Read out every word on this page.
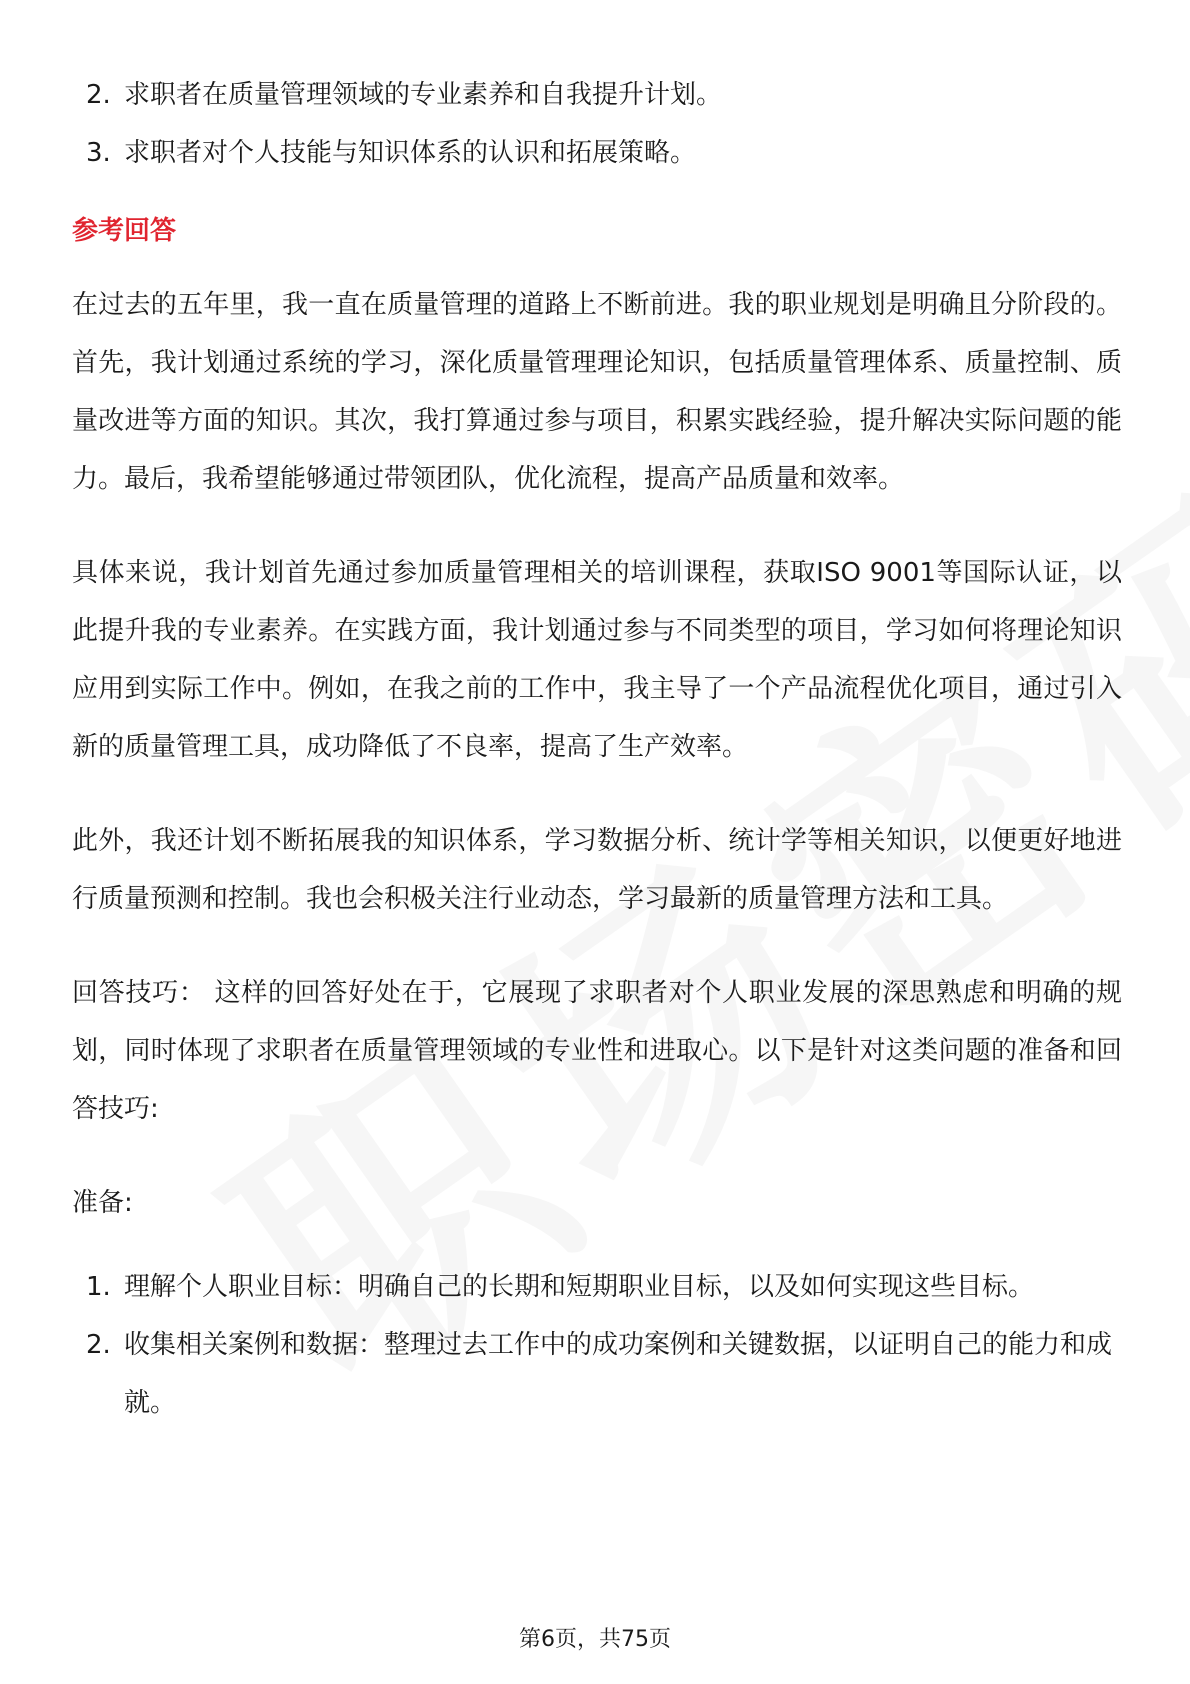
2. 求职者在质量管理领域的专业素养和自我提升计划。
3. 求职者对个人技能与知识体系的认识和拓展策略。
参考回答

在过去的五年里，我一直在质量管理的道路上不断前进。我的职业规划是明确且分阶段的。首先，我计划通过系统的学习，深化质量管理理论知识，包括质量管理体系、质量控制、质量改进等方面的知识。其次，我打算通过参与项目，积累实践经验，提升解决实际问题的能力。最后，我希望能够通过带领团队，优化流程，提高产品质量和效率。

具体来说，我计划首先通过参加质量管理相关的培训课程，获取ISO 9001等国际认证，以此提升我的专业素养。在实践方面，我计划通过参与不同类型的项目，学习如何将理论知识应用到实际工作中。例如，在我之前的工作中，我主导了一个产品流程优化项目，通过引入新的质量管理工具，成功降低了不良率，提高了生产效率。

此外，我还计划不断拓展我的知识体系，学习数据分析、统计学等相关知识，以便更好地进行质量预测和控制。我也会积极关注行业动态，学习最新的质量管理方法和工具。

回答技巧： 这样的回答好处在于，它展现了求职者对个人职业发展的深思熟虑和明确的规划，同时体现了求职者在质量管理领域的专业性和进取心。以下是针对这类问题的准备和回答技巧:

准备:
1. 理解个人职业目标：明确自己的长期和短期职业目标，以及如何实现这些目标。
2. 收集相关案例和数据：整理过去工作中的成功案例和关键数据，以证明自己的能力和成就。
第6页，共75页
